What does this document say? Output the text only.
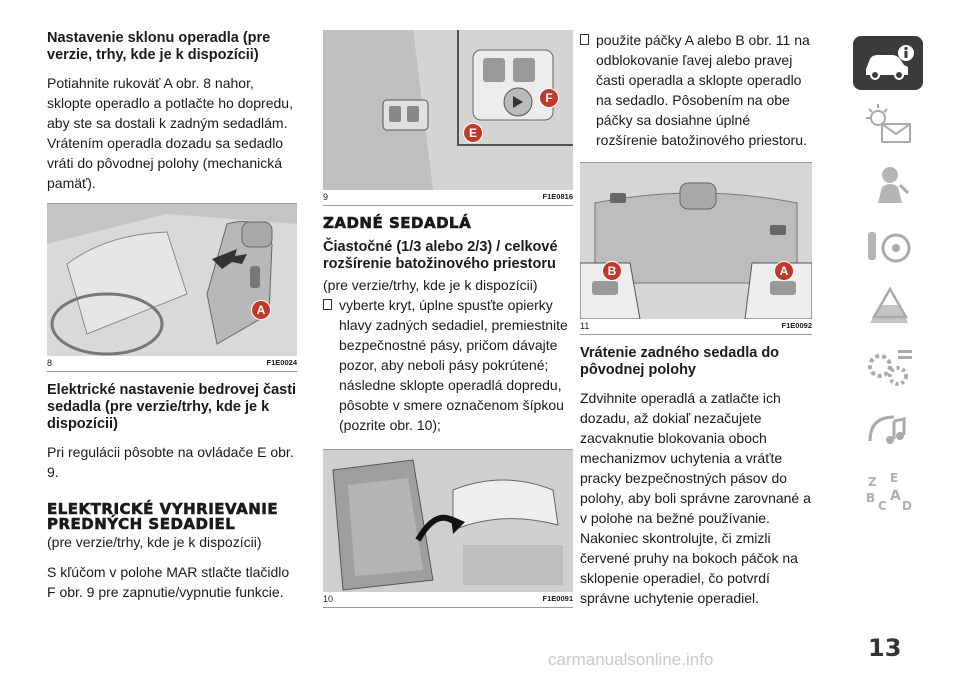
Nastavenie sklonu operadla (pre verzie, trhy, kde je k dispozícii)

Potiahnite rukoväť A obr. 8 nahor, sklopte operadlo a potlačte ho dopredu, aby ste sa dostali k zadným sedadlám. Vrátením operadla dozadu sa sedadlo vráti do pôvodnej polohy (mechanická pamäť).

A
8	F1E0024
Elektrické nastavenie bedrovej časti sedadla (pre verzie/trhy, kde je k dispozícii)

Pri regulácii pôsobte na ovládače E obr. 9.

ELEKTRICKÉ VYHRIEVANIE PREDNÝCH SEDADIEL

(pre verzie/trhy, kde je k dispozícii)

S kľúčom v polohe MAR stlačte tlačidlo F obr. 9 pre zapnutie/vypnutie funkcie.

E
F
9	F1E0816
ZADNÉ SEDADLÁ
Čiastočné (1/3 alebo 2/3) / celkové rozšírenie batožinového priestoru

(pre verzie/trhy, kde je k dispozícii)

vyberte kryt, úplne spusťte opierky hlavy zadných sedadiel, premiestnite bezpečnostné pásy, pričom dávajte pozor, aby neboli pásy pokrútené; následne sklopte operadlá dopredu, pôsobte v smere označenom šípkou (pozrite obr. 10);

10	F1E0091

použite páčky A alebo B obr. 11 na odblokovanie ľavej alebo pravej časti operadla a sklopte operadlo na sedadlo. Pôsobením na obe páčky sa dosiahne úplné rozšírenie batožinového priestoru.

B	A
11	F1E0092
Vrátenie zadného sedadla do pôvodnej polohy

Zdvihnite operadlá a zatlačte ich dozadu, až dokiaľ nezačujete zacvaknutie blokovania oboch mechanizmov uchytenia a vráťte pracky bezpečnostných pásov do polohy, aby boli správne zarovnané a v polohe na bežné používanie. Nakoniec skontrolujte, či zmizli červené pruhy na bokoch páčok na sklopenie operadiel, čo potvrdí správne uchytenie operadiel.

Z E
A
B
C D
13
carmanualsonline.info
